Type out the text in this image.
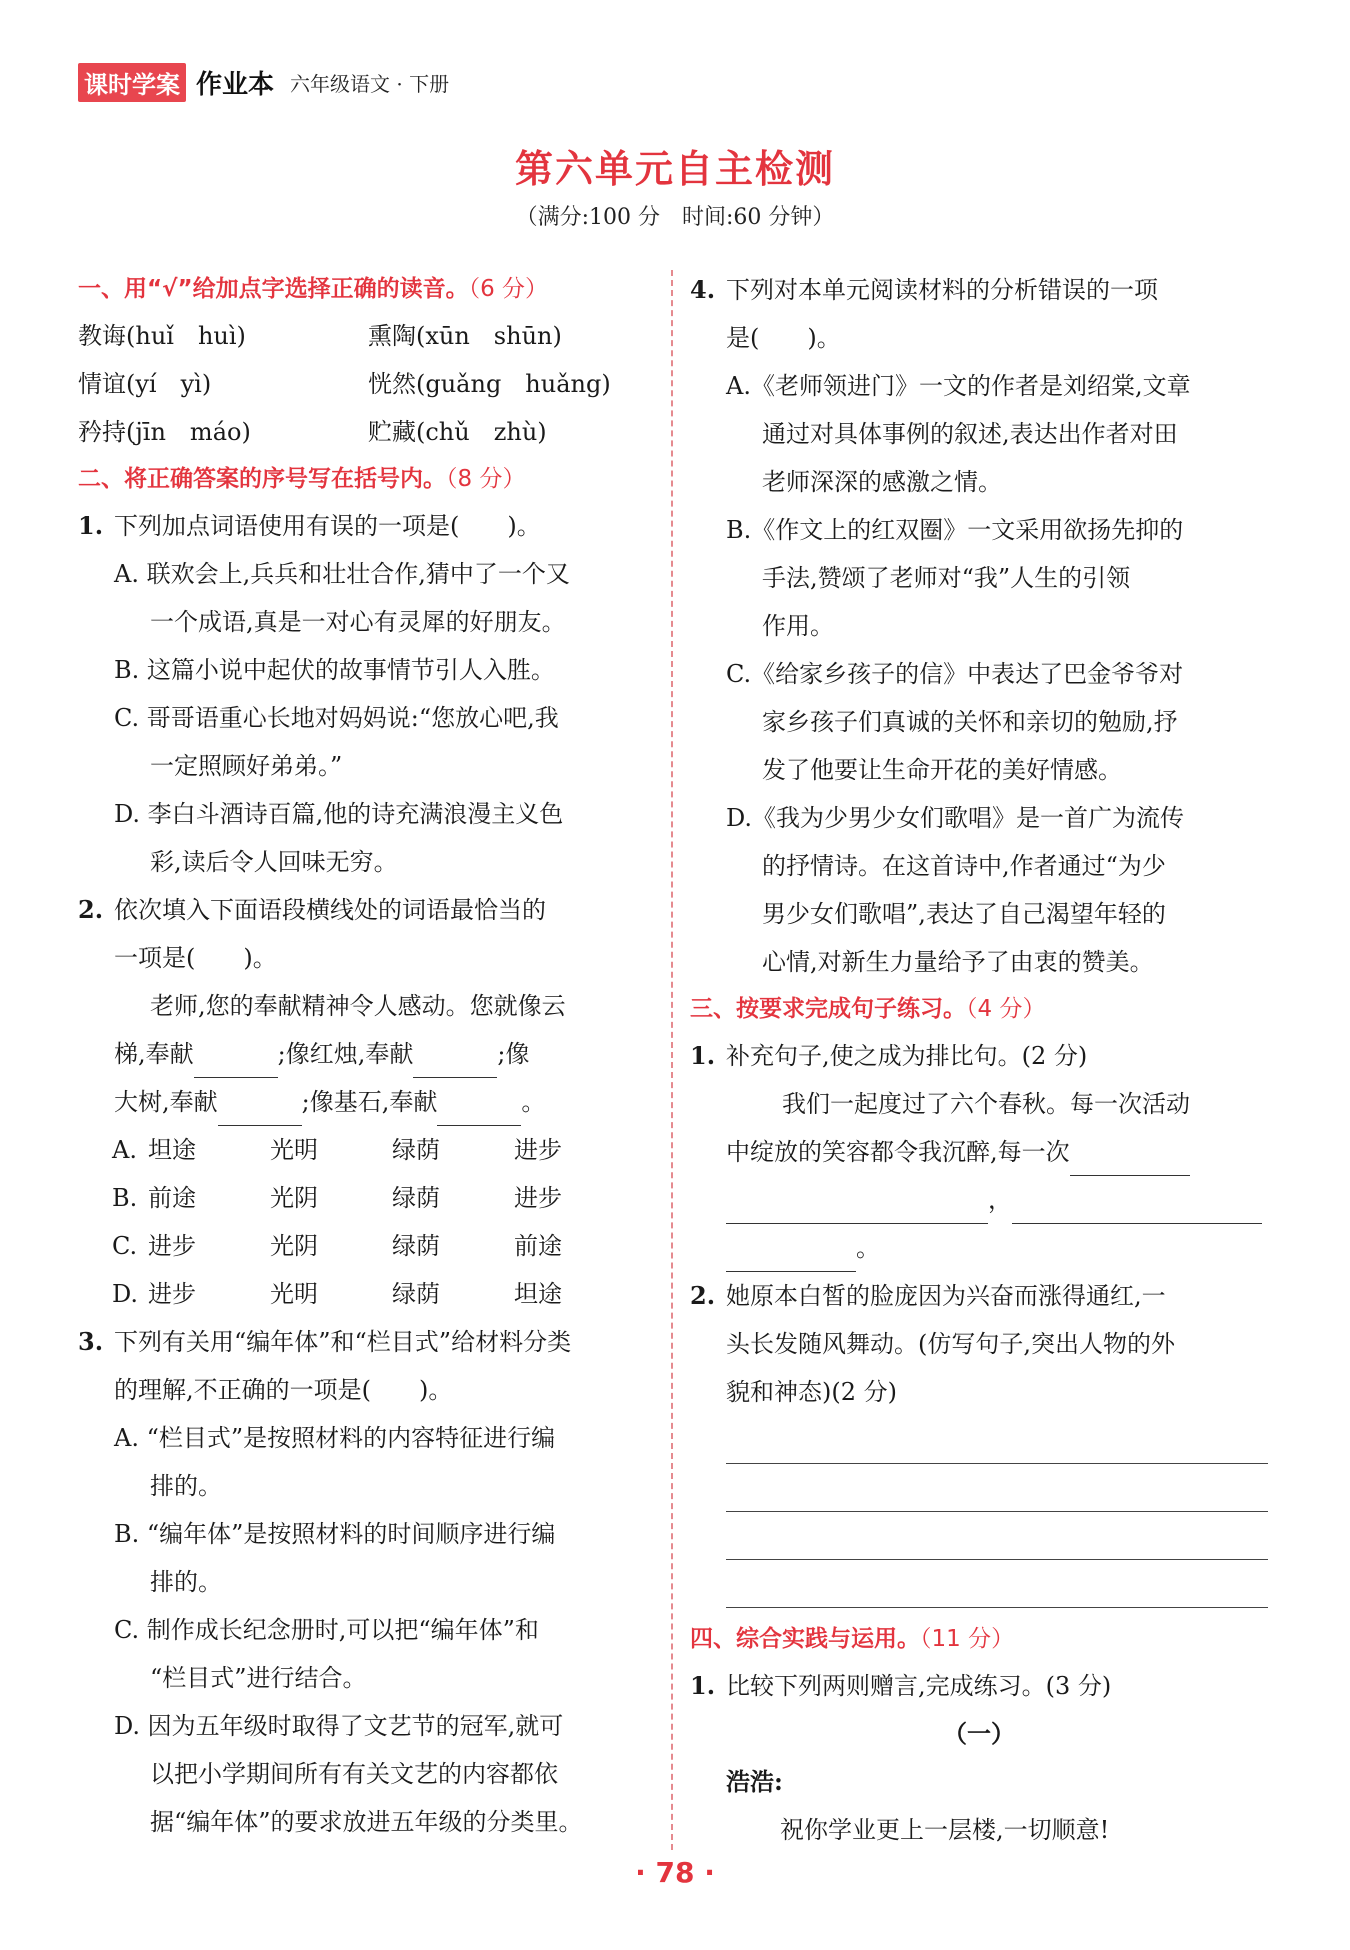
课时学案 作业本 六年级语文 · 下册
第六单元自主检测
（满分:100 分　时间:60 分钟）
一、用“√”给加点字选择正确的读音。（6 分）
教诲(huǐ　huì)	熏陶(xūn　shūn)
情谊(yí　yì)	恍然(guǎng　huǎng)
矜持(jīn　máo)	贮藏(chǔ　zhù)
二、将正确答案的序号写在括号内。（8 分）
1. 下列加点词语使用有误的一项是(　　)。
A. 联欢会上,兵兵和壮壮合作,猜中了一个又
一个成语,真是一对心有灵犀的好朋友。
B. 这篇小说中起伏的故事情节引人入胜。
C. 哥哥语重心长地对妈妈说:“您放心吧,我
一定照顾好弟弟。”
D. 李白斗酒诗百篇,他的诗充满浪漫主义色
彩,读后令人回味无穷。
2. 依次填入下面语段横线处的词语最恰当的
一项是(　　)。
老师,您的奉献精神令人感动。您就像云
梯,奉献	;像红烛,奉献	;像
大树,奉献	;像基石,奉献	。
A. 坦途	光明	绿荫	进步
B. 前途	光阴	绿荫	进步
C. 进步	光阴	绿荫	前途
D. 进步	光明	绿荫	坦途
3. 下列有关用“编年体”和“栏目式”给材料分类
的理解,不正确的一项是(　　)。
A. “栏目式”是按照材料的内容特征进行编
排的。
B. “编年体”是按照材料的时间顺序进行编
排的。
C. 制作成长纪念册时,可以把“编年体”和
“栏目式”进行结合。
D. 因为五年级时取得了文艺节的冠军,就可
以把小学期间所有有关文艺的内容都依
据“编年体”的要求放进五年级的分类里。
4. 下列对本单元阅读材料的分析错误的一项
是(　　)。
A.《老师领进门》一文的作者是刘绍棠,文章
通过对具体事例的叙述,表达出作者对田
老师深深的感激之情。
B.《作文上的红双圈》一文采用欲扬先抑的
手法,赞颂了老师对“我”人生的引领
作用。
C.《给家乡孩子的信》中表达了巴金爷爷对
家乡孩子们真诚的关怀和亲切的勉励,抒
发了他要让生命开花的美好情感。
D.《我为少男少女们歌唱》是一首广为流传
的抒情诗。在这首诗中,作者通过“为少
男少女们歌唱”,表达了自己渴望年轻的
心情,对新生力量给予了由衷的赞美。
三、按要求完成句子练习。（4 分）
1. 补充句子,使之成为排比句。(2 分)
我们一起度过了六个春秋。每一次活动
中绽放的笑容都令我沉醉,每一次
，
。
2. 她原本白皙的脸庞因为兴奋而涨得通红,一
头长发随风舞动。(仿写句子,突出人物的外
貌和神态)(2 分)
四、综合实践与运用。（11 分）
1. 比较下列两则赠言,完成练习。(3 分)
（一）
浩浩:
祝你学业更上一层楼,一切顺意!
· 78 ·
